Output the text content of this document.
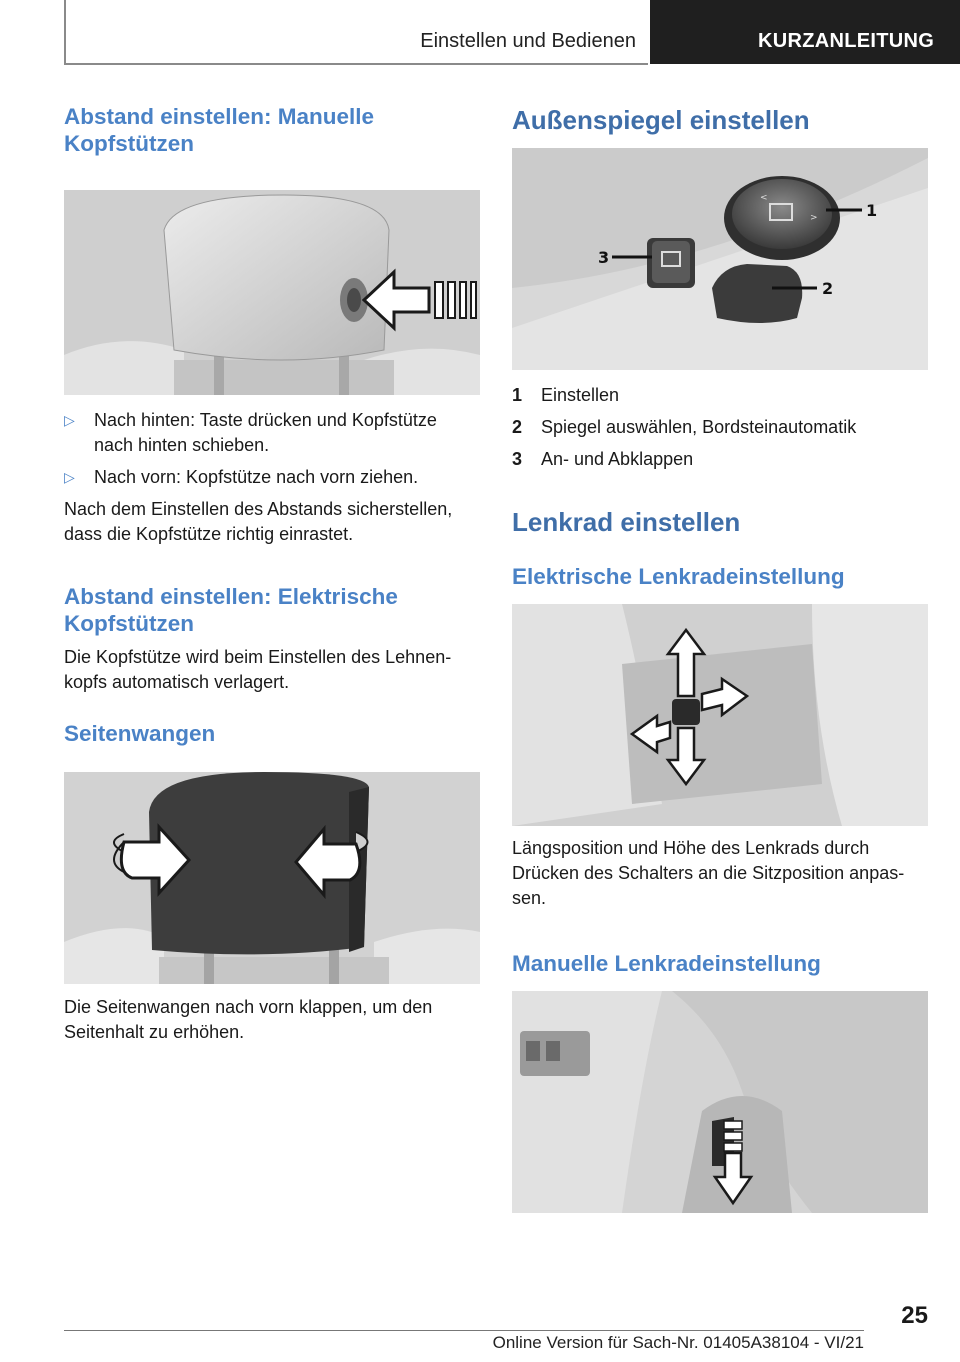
Einstellen und Bedienen	KURZANLEITUNG
Abstand einstellen: Manuelle Kopfstützen
▷ Nach hinten: Taste drücken und Kopfstütze nach hinten schieben.
▷ Nach vorn: Kopfstütze nach vorn ziehen.
Nach dem Einstellen des Abstands sicherstellen, dass die Kopfstütze richtig einrastet.
Abstand einstellen: Elektrische Kopfstützen
Die Kopfstütze wird beim Einstellen des Lehnenkopfs automatisch verlagert.
Seitenwangen
Die Seitenwangen nach vorn klappen, um den Seitenhalt zu erhöhen.
Außenspiegel einstellen
<
>	1
2
3
1 Einstellen
2 Spiegel auswählen, Bordsteinautomatik
3 An- und Abklappen
Lenkrad einstellen
Elektrische Lenkradeinstellung
Längsposition und Höhe des Lenkrads durch Drücken des Schalters an die Sitzposition anpassen.
Manuelle Lenkradeinstellung
25
Online Version für Sach-Nr. 01405A38104 - VI/21
